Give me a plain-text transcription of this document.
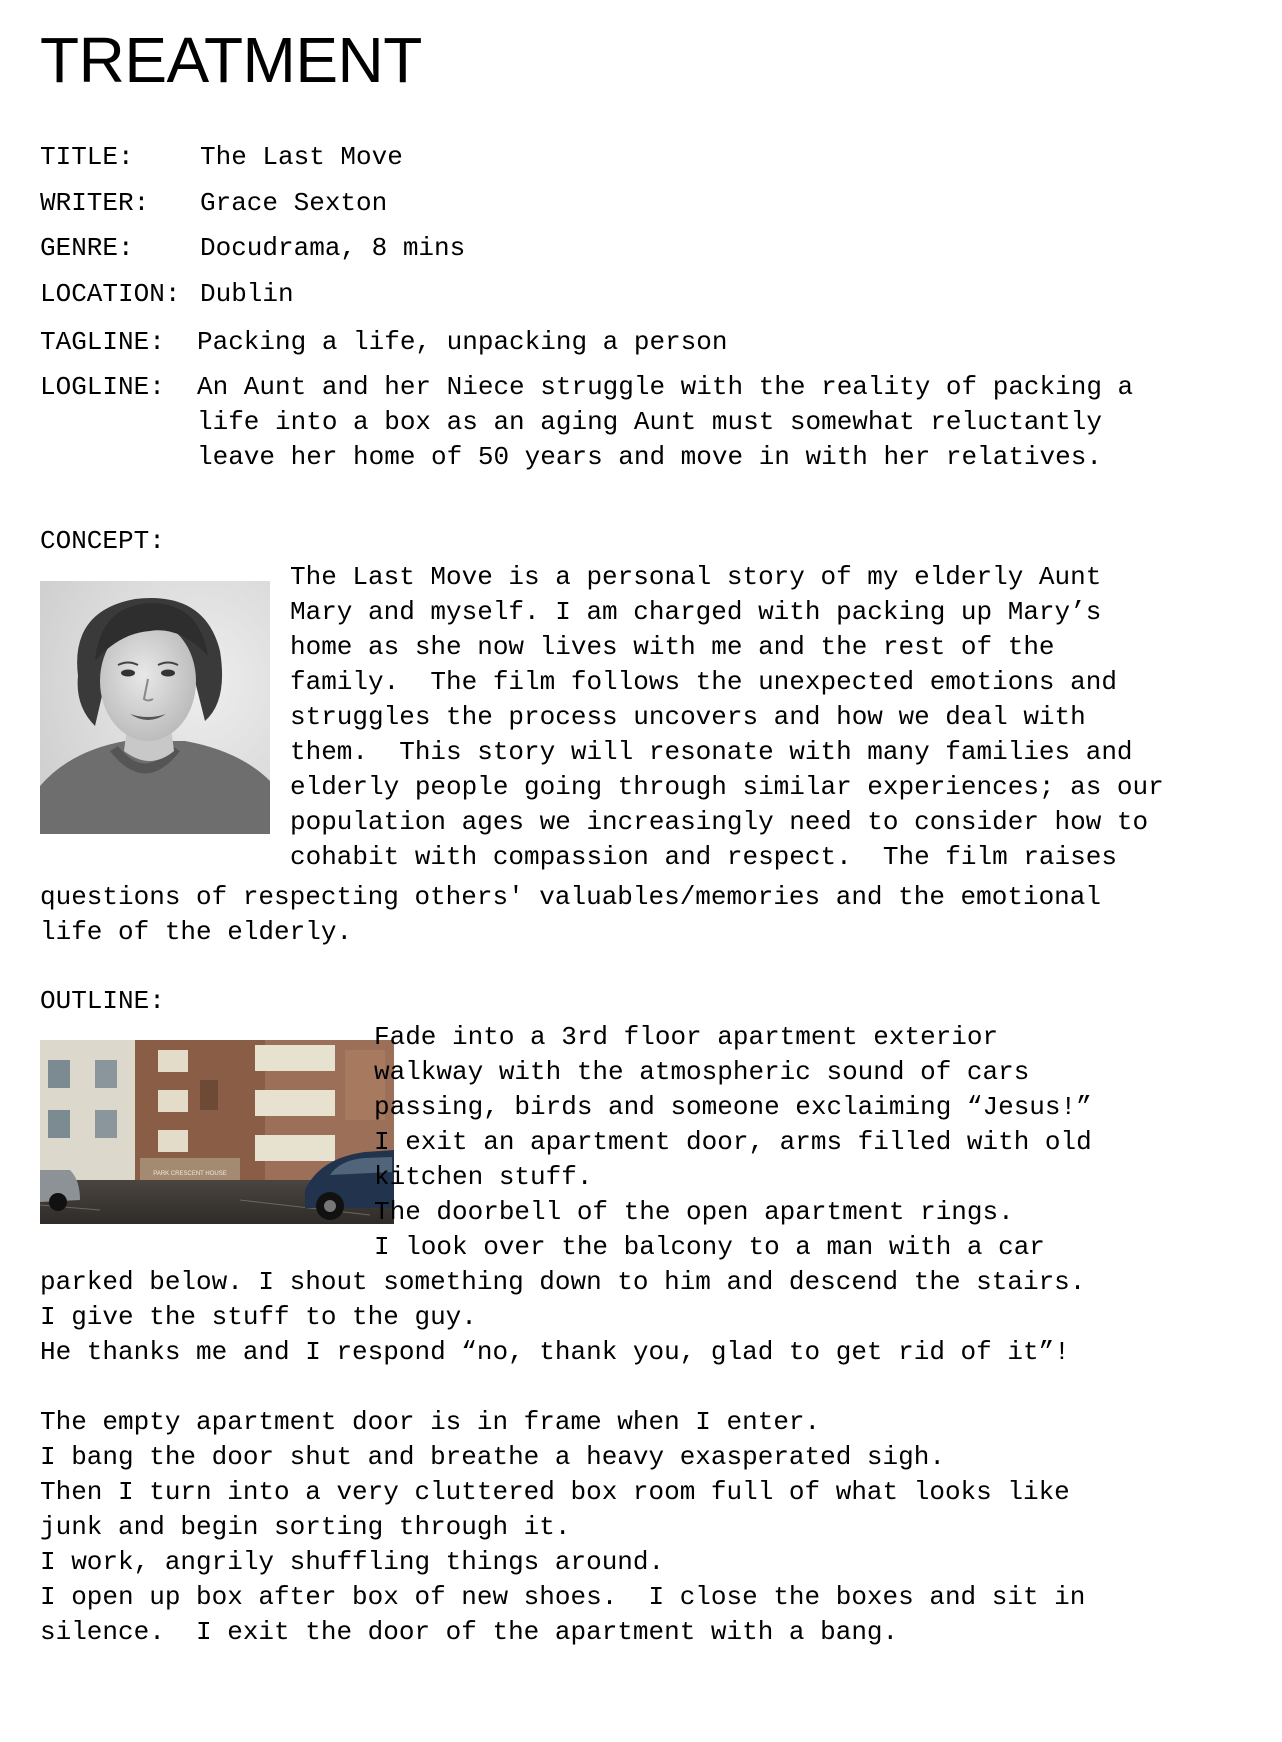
TREATMENT
TITLE:	The Last Move
WRITER: Grace Sexton
GENRE:	Docudrama, 8 mins
LOCATION: Dublin
TAGLINE: Packing a life, unpacking a person
LOGLINE: An Aunt and her Niece struggle with the reality of packing a
life into a box as an aging Aunt must somewhat reluctantly
leave her home of 50 years and move in with her relatives.
CONCEPT:
The Last Move is a personal story of my elderly Aunt
Mary and myself. I am charged with packing up Mary’s
home as she now lives with me and the rest of the
family.  The film follows the unexpected emotions and
struggles the process uncovers and how we deal with
them.  This story will resonate with many families and
elderly people going through similar experiences; as our
population ages we increasingly need to consider how to
cohabit with compassion and respect.  The film raises
questions of respecting others' valuables/memories and the emotional
life of the elderly.
OUTLINE:
PARK CRESCENT HOUSE
Fade into a 3rd floor apartment exterior
walkway with the atmospheric sound of cars
passing, birds and someone exclaiming “Jesus!”
I exit an apartment door, arms filled with old
kitchen stuff.
The doorbell of the open apartment rings.
I look over the balcony to a man with a car
parked below. I shout something down to him and descend the stairs.
I give the stuff to the guy.
He thanks me and I respond “no, thank you, glad to get rid of it”!
The empty apartment door is in frame when I enter.
I bang the door shut and breathe a heavy exasperated sigh.
Then I turn into a very cluttered box room full of what looks like
junk and begin sorting through it.
I work, angrily shuffling things around.
I open up box after box of new shoes.  I close the boxes and sit in
silence.  I exit the door of the apartment with a bang.
